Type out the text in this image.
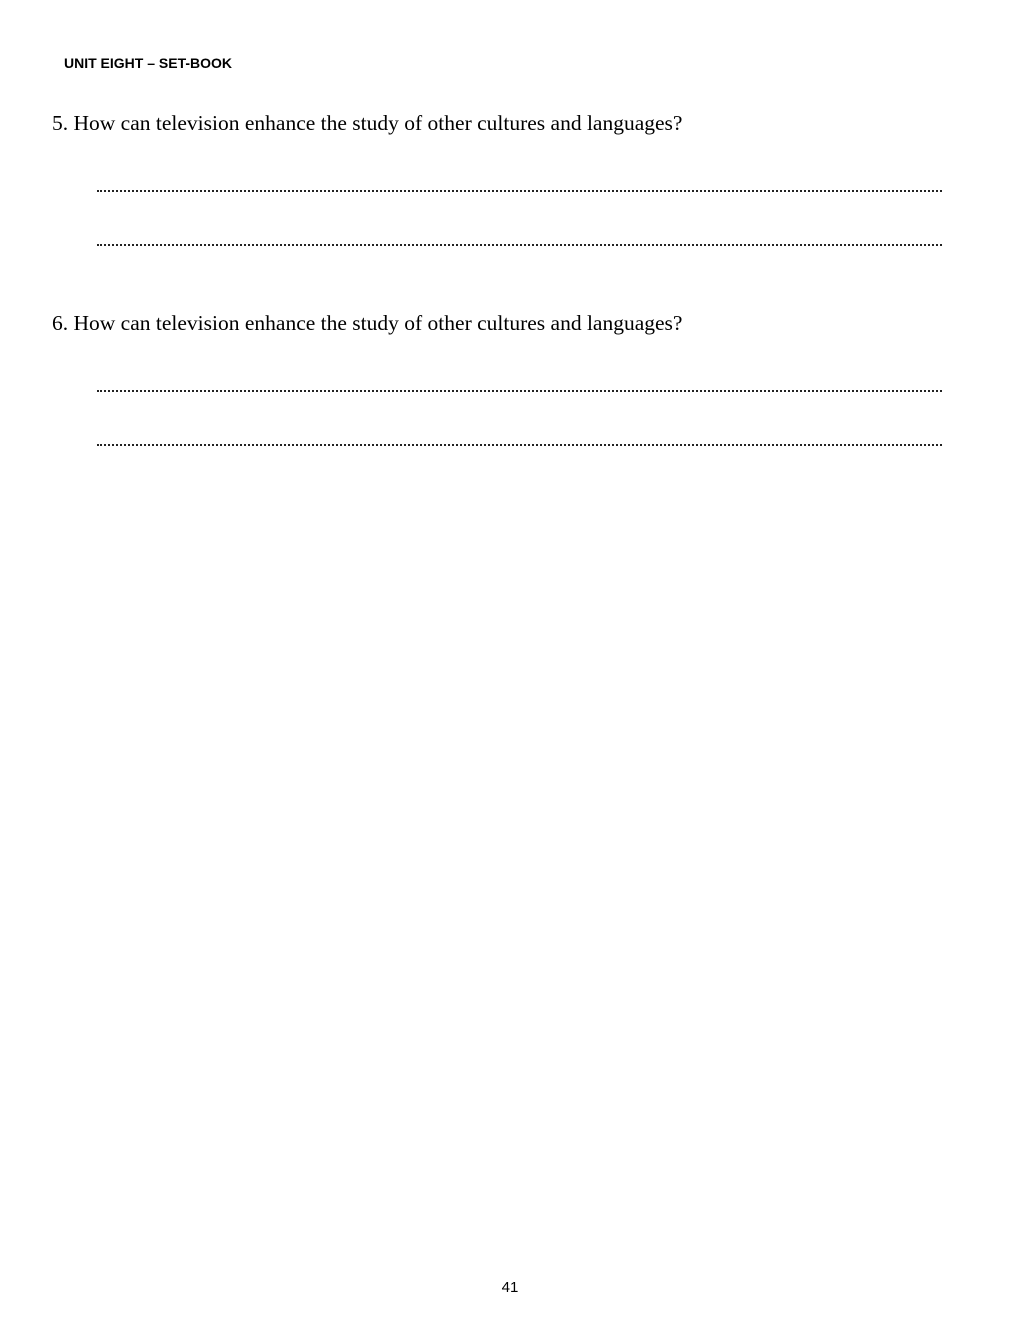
UNIT EIGHT – SET-BOOK
5. How can television enhance the study of other cultures and languages?
6. How can television enhance the study of other cultures and languages?
41
